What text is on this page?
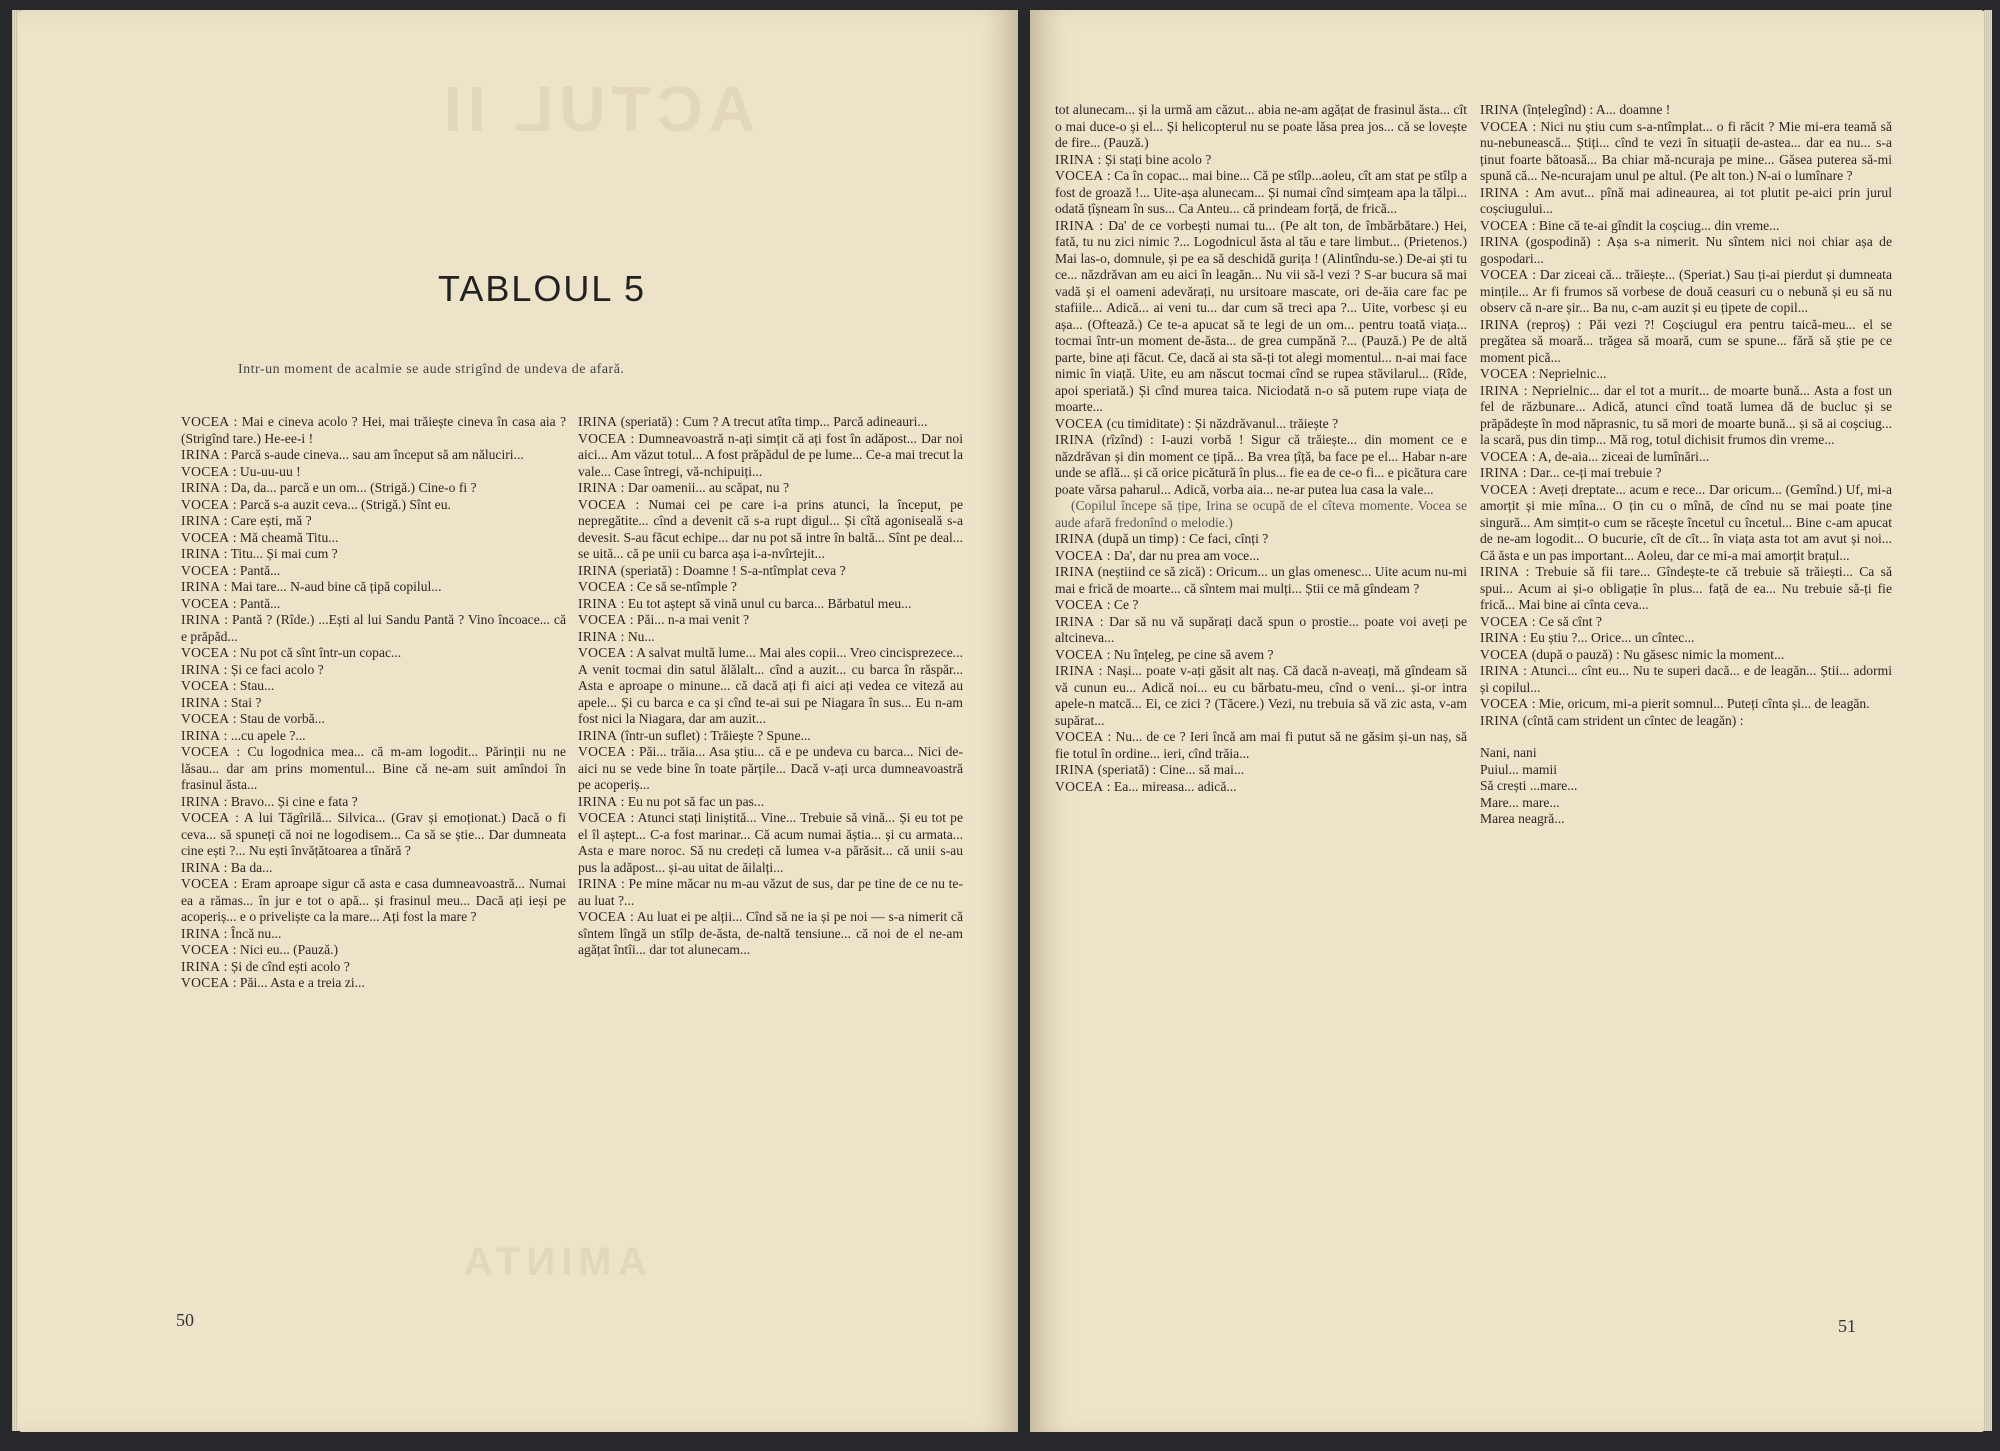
ACTUL II
AMINTA
TABLOUL 5
Intr-un moment de acalmie se aude strigînd de undeva de afară.

VOCEA : Mai e cineva acolo ? Hei, mai trăiește cineva în casa aia ? (Strigînd tare.) He-ee-i !

IRINA : Parcă s-aude cineva... sau am început să am năluciri...

VOCEA : Uu-uu-uu !

IRINA : Da, da... parcă e un om... (Strigă.) Cine-o fi ?

VOCEA : Parcă s-a auzit ceva... (Strigă.) Sînt eu.

IRINA : Care ești, mă ?

VOCEA : Mă cheamă Titu...

IRINA : Titu... Și mai cum ?

VOCEA : Pantă...

IRINA : Mai tare... N-aud bine că țipă copilul...

VOCEA : Pantă...

IRINA : Pantă ? (Rîde.) ...Ești al lui Sandu Pantă ? Vino încoace... că e prăpăd...

VOCEA : Nu pot că sînt într-un copac...

IRINA : Și ce faci acolo ?

VOCEA : Stau...

IRINA : Stai ?

VOCEA : Stau de vorbă...

IRINA : ...cu apele ?...

VOCEA : Cu logodnica mea... că m-am logodit... Părinții nu ne lăsau... dar am prins momentul... Bine că ne-am suit amîndoi în frasinul ăsta...

IRINA : Bravo... Și cine e fata ?

VOCEA : A lui Tăgîrilă... Silvica... (Grav și emoționat.) Dacă o fi ceva... să spuneți că noi ne logodisem... Ca să se știe... Dar dumneata cine ești ?... Nu ești învățătoarea a tînără ?

IRINA : Ba da...

VOCEA : Eram aproape sigur că asta e casa dumneavoastră... Numai ea a rămas... în jur e tot o apă... și frasinul meu... Dacă ați ieși pe acoperiș... e o priveliște ca la mare... Ați fost la mare ?

IRINA : Încă nu...

VOCEA : Nici eu... (Pauză.)

IRINA : Și de cînd ești acolo ?

VOCEA : Păi... Asta e a treia zi...

IRINA (speriată) : Cum ? A trecut atîta timp... Parcă adineauri...

VOCEA : Dumneavoastră n-ați simțit că ați fost în adăpost... Dar noi aici... Am văzut totul... A fost prăpădul de pe lume... Ce-a mai trecut la vale... Case întregi, vă-nchipuiți...

IRINA : Dar oamenii... au scăpat, nu ?

VOCEA : Numai cei pe care i-a prins atunci, la început, pe nepregătite... cînd a devenit că s-a rupt digul... Și cîtă agoniseală s-a devesit. S-au făcut echipe... dar nu pot să intre în baltă... Sînt pe deal... se uită... că pe unii cu barca așa i-a-nvîrtejit...

IRINA (speriată) : Doamne ! S-a-ntîmplat ceva ?

VOCEA : Ce să se-ntîmple ?

IRINA : Eu tot aștept să vină unul cu barca... Bărbatul meu...

VOCEA : Păi... n-a mai venit ?

IRINA : Nu...

VOCEA : A salvat multă lume... Mai ales copii... Vreo cincisprezece... A venit tocmai din satul ălălalt... cînd a auzit... cu barca în răspăr... Asta e aproape o minune... că dacă ați fi aici ați vedea ce viteză au apele... Și cu barca e ca și cînd te-ai sui pe Niagara în sus... Eu n-am fost nici la Niagara, dar am auzit...

IRINA (într-un suflet) : Trăiește ? Spune...

VOCEA : Păi... trăia... Asa știu... că e pe undeva cu barca... Nici de-aici nu se vede bine în toate părțile... Dacă v-ați urca dumneavoastră pe acoperiș...

IRINA : Eu nu pot să fac un pas...

VOCEA : Atunci stați liniștită... Vine... Trebuie să vină... Și eu tot pe el îl aștept... C-a fost marinar... Că acum numai ăștia... și cu armata... Asta e mare noroc. Să nu credeți că lumea v-a părăsit... că unii s-au pus la adăpost... și-au uitat de ăilalți...

IRINA : Pe mine măcar nu m-au văzut de sus, dar pe tine de ce nu te-au luat ?...

VOCEA : Au luat ei pe alții... Cînd să ne ia și pe noi — s-a nimerit că sîntem lîngă un stîlp de-ăsta, de-naltă tensiune... că noi de el ne-am agățat întîi... dar tot alunecam...

50

tot alunecam... și la urmă am căzut... abia ne-am agățat de frasinul ăsta... cît o mai duce-o și el... Și helicopterul nu se poate lăsa prea jos... că se lovește de fire... (Pauză.)

IRINA : Și stați bine acolo ?

VOCEA : Ca în copac... mai bine... Că pe stîlp...aoleu, cît am stat pe stîlp a fost de groază !... Uite-așa alunecam... Și numai cînd simțeam apa la tălpi... odată țîșneam în sus... Ca Anteu... că prindeam forță, de frică...

IRINA : Da' de ce vorbești numai tu... (Pe alt ton, de îmbărbătare.) Hei, fată, tu nu zici nimic ?... Logodnicul ăsta al tău e tare limbut... (Prietenos.) Mai las-o, domnule, și pe ea să deschidă gurița ! (Alintîndu-se.) De-ai ști tu ce... năzdrăvan am eu aici în leagăn... Nu vii să-l vezi ? S-ar bucura să mai vadă și el oameni adevărați, nu ursitoare mascate, ori de-ăia care fac pe stafiile... Adică... ai veni tu... dar cum să treci apa ?... Uite, vorbesc și eu așa... (Oftează.) Ce te-a apucat să te legi de un om... pentru toată viața... tocmai într-un moment de-ăsta... de grea cumpănă ?... (Pauză.) Pe de altă parte, bine ați făcut. Ce, dacă ai sta să-ți tot alegi momentul... n-ai mai face nimic în viață. Uite, eu am născut tocmai cînd se rupea stăvilarul... (Rîde, apoi speriată.) Și cînd murea taica. Niciodată n-o să putem rupe viața de moarte...

VOCEA (cu timiditate) : Și năzdrăvanul... trăiește ?

IRINA (rîzînd) : I-auzi vorbă ! Sigur că trăiește... din moment ce e năzdrăvan și din moment ce țipă... Ba vrea țîță, ba face pe el... Habar n-are unde se află... și că orice picătură în plus... fie ea de ce-o fi... e picătura care poate vărsa paharul... Adică, vorba aia... ne-ar putea lua casa la vale...

(Copilul începe să țipe, Irina se ocupă de el cîteva momente. Vocea se aude afară fredonînd o melodie.)

IRINA (după un timp) : Ce faci, cînți ?

VOCEA : Da', dar nu prea am voce...

IRINA (neștiind ce să zică) : Oricum... un glas omenesc... Uite acum nu-mi mai e frică de moarte... că sîntem mai mulți... Știi ce mă gîndeam ?

VOCEA : Ce ?

IRINA : Dar să nu vă supărați dacă spun o prostie... poate voi aveți pe altcineva...

VOCEA : Nu înțeleg, pe cine să avem ?

IRINA : Nași... poate v-ați găsit alt naș. Că dacă n-aveați, mă gîndeam să vă cunun eu... Adică noi... eu cu bărbatu-meu, cînd o veni... și-or intra apele-n matcă... Ei, ce zici ? (Tăcere.) Vezi, nu trebuia să vă zic asta, v-am supărat...

VOCEA : Nu... de ce ? Ieri încă am mai fi putut să ne găsim și-un naș, să fie totul în ordine... ieri, cînd trăia...

IRINA (speriată) : Cine... să mai...

VOCEA : Ea... mireasa... adică...

IRINA (înțelegînd) : A... doamne !

VOCEA : Nici nu știu cum s-a-ntîmplat... o fi răcit ? Mie mi-era teamă să nu-nebunească... Știți... cînd te vezi în situații de-astea... dar ea nu... s-a ținut foarte bătoasă... Ba chiar mă-ncuraja pe mine... Găsea puterea să-mi spună că... Ne-ncurajam unul pe altul. (Pe alt ton.) N-ai o lumînare ?

IRINA : Am avut... pînă mai adineaurea, ai tot plutit pe-aici prin jurul coșciugului...

VOCEA : Bine că te-ai gîndit la coșciug... din vreme...

IRINA (gospodină) : Așa s-a nimerit. Nu sîntem nici noi chiar așa de gospodari...

VOCEA : Dar ziceai că... trăiește... (Speriat.) Sau ți-ai pierdut și dumneata mințile... Ar fi frumos să vorbese de două ceasuri cu o nebună și eu să nu observ că n-are șir... Ba nu, c-am auzit și eu țipete de copil...

IRINA (reproș) : Păi vezi ?! Coșciugul era pentru taică-meu... el se pregătea să moară... trăgea să moară, cum se spune... fără să știe pe ce moment pică...

VOCEA : Neprielnic...

IRINA : Neprielnic... dar el tot a murit... de moarte bună... Asta a fost un fel de răzbunare... Adică, atunci cînd toată lumea dă de bucluc și se prăpădește în mod năprasnic, tu să mori de moarte bună... și să ai coșciug... la scară, pus din timp... Mă rog, totul dichisit frumos din vreme...

VOCEA : A, de-aia... ziceai de lumînări...

IRINA : Dar... ce-ți mai trebuie ?

VOCEA : Aveți dreptate... acum e rece... Dar oricum... (Gemînd.) Uf, mi-a amorțit și mie mîna... O țin cu o mînă, de cînd nu se mai poate ține singură... Am simțit-o cum se răcește încetul cu încetul... Bine c-am apucat de ne-am logodit... O bucurie, cît de cît... în viața asta tot am avut și noi... Că ăsta e un pas important... Aoleu, dar ce mi-a mai amorțit brațul...

IRINA : Trebuie să fii tare... Gîndește-te că trebuie să trăiești... Ca să spui... Acum ai și-o obligație în plus... față de ea... Nu trebuie să-ți fie frică... Mai bine ai cînta ceva...

VOCEA : Ce să cînt ?

IRINA : Eu știu ?... Orice... un cîntec...

VOCEA (după o pauză) : Nu găsesc nimic la moment...

IRINA : Atunci... cînt eu... Nu te superi dacă... e de leagăn... Știi... adormi și copilul...

VOCEA : Mie, oricum, mi-a pierit somnul... Puteți cînta și... de leagăn.

IRINA (cîntă cam strident un cîntec de leagăn) :

Nani, nani

Puiul... mamii

Să crești ...mare...

Mare... mare...

Marea neagră...

51
